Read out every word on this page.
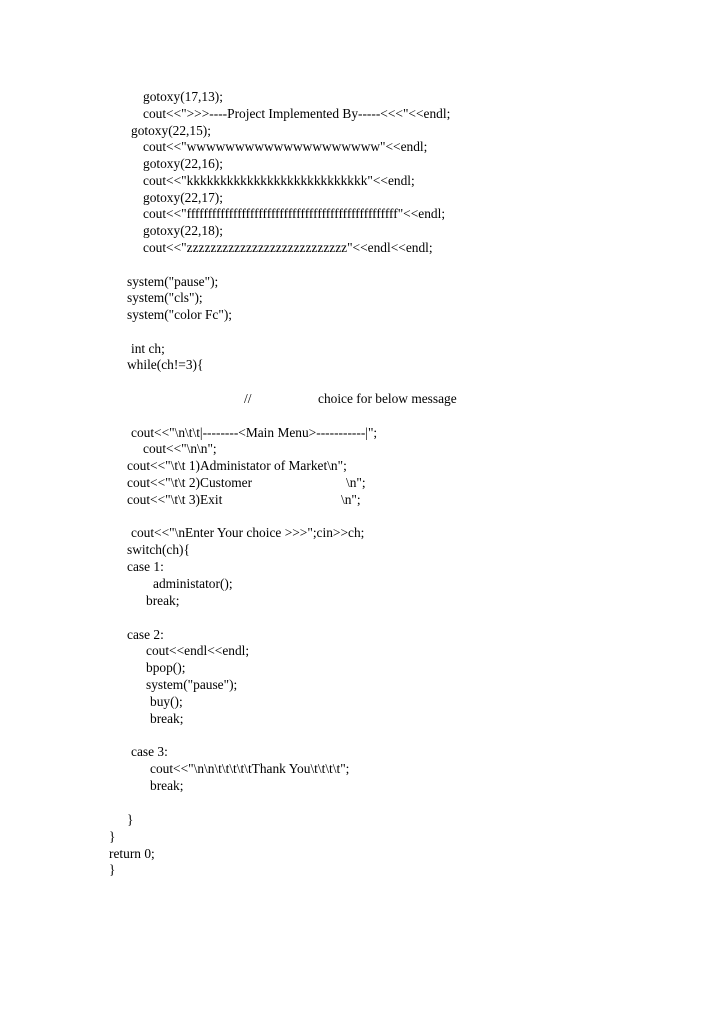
gotoxy(17,13);
cout<<">>>----Project Implemented By-----<<<"<<endl;
gotoxy(22,15);
cout<<"wwwwwwwwwwwwwwwwwwww"<<endl;
gotoxy(22,16);
cout<<"kkkkkkkkkkkkkkkkkkkkkkkkkkk"<<endl;
gotoxy(22,17);
cout<<"ffffffffffffffffffffffffffffffffffffffffffffffffff"<<endl;
gotoxy(22,18);
cout<<"zzzzzzzzzzzzzzzzzzzzzzzzzzz"<<endl<<endl;
system("pause");
system("cls");
system("color Fc");
int ch;
while(ch!=3){
//	choice for below message
cout<<"\n\t\t|--------<Main Menu>-----------|";
cout<<"\n\n";
cout<<"\t\t 1)Administator of Market\n";
cout<<"\t\t 2)Customer	\n";
cout<<"\t\t 3)Exit	\n";
cout<<"\nEnter Your choice >>>";cin>>ch;
switch(ch){
case 1:
administator();
break;
case 2:
cout<<endl<<endl;
bpop();
system("pause");
buy();
break;
case 3:
cout<<"\n\n\t\t\t\t\tThank You\t\t\t\t";
break;
}
}
return 0;
}
